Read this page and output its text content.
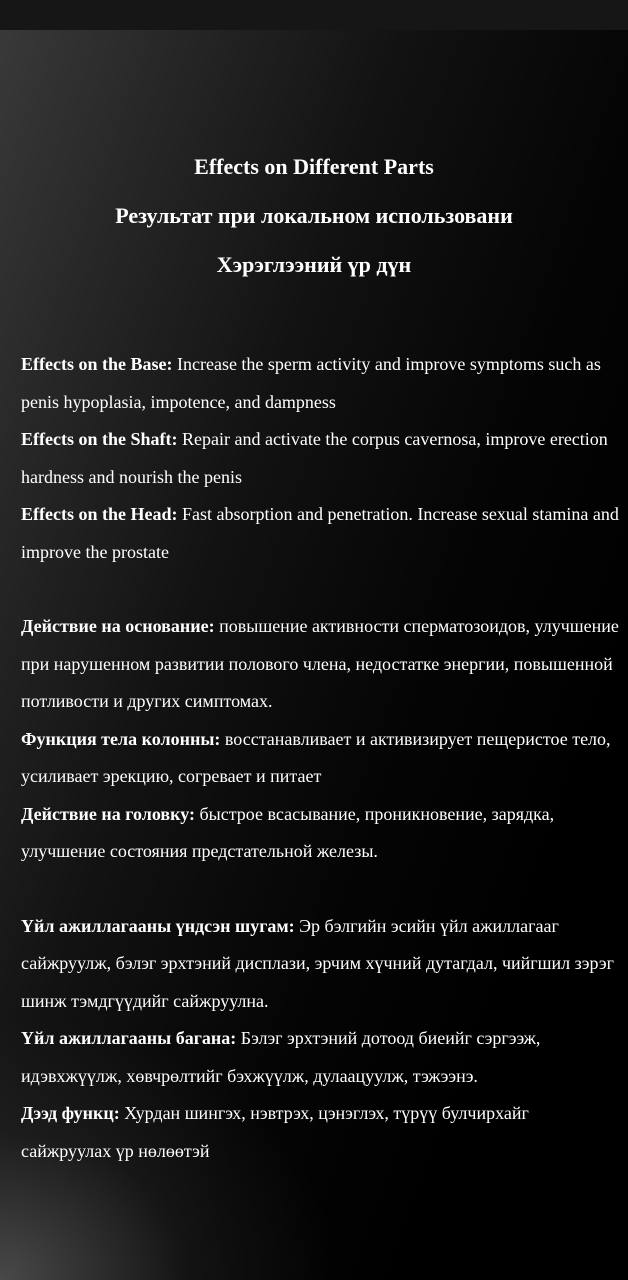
Effects on Different Parts
Результат при локальном использовани
Хэрэглээний үр дүн

Effects on the Base: Increase the sperm activity and improve symptoms such as penis hypoplasia, impotence, and dampness

Effects on the Shaft: Repair and activate the corpus cavernosa, improve erection hardness and nourish the penis

Effects on the Head: Fast absorption and penetration. Increase sexual stamina and improve the prostate

Действие на основание: повышение активности сперматозоидов, улучшение при нарушенном развитии полового члена, недостатке энергии, повышенной потливости и других симптомах.

Функция тела колонны: восстанавливает и активизирует пещеристое тело, усиливает эрекцию, согревает и питает

Действие на головку: быстрое всасывание, проникновение, зарядка, улучшение состояния предстательной железы.

Үйл ажиллагааны үндсэн шугам: Эр бэлгийн эсийн үйл ажиллагааг сайжруулж, бэлэг эрхтэний дисплази, эрчим хүчний дутагдал, чийгшил зэрэг шинж тэмдгүүдийг сайжруулна.

Үйл ажиллагааны багана: Бэлэг эрхтэний дотоод биеийг сэргээж, идэвхжүүлж, хөвчрөлтийг бэхжүүлж, дулаацуулж, тэжээнэ.

Дээд функц: Хурдан шингэх, нэвтрэх, цэнэглэх, түрүү булчирхайг сайжруулах үр нөлөөтэй
